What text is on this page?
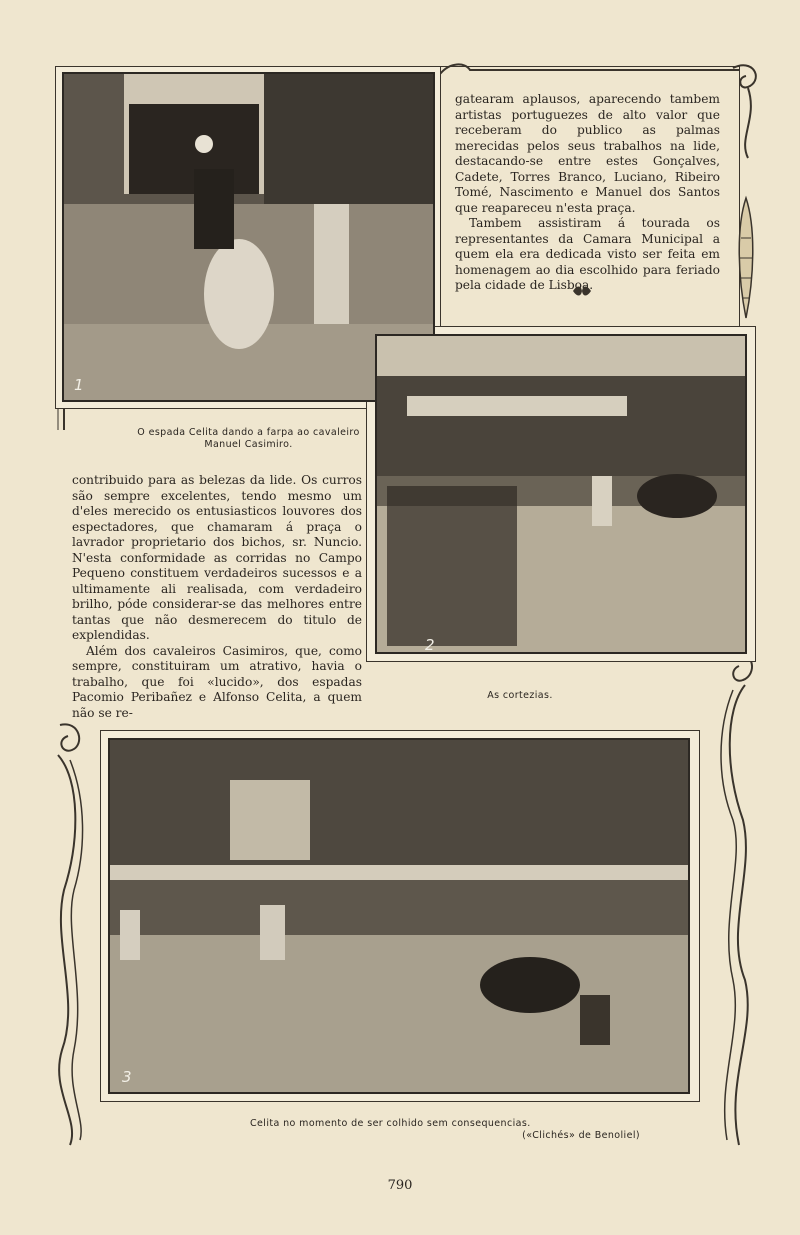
1

gatearam aplausos, aparecendo tambem artistas portuguezes de alto valor que receberam do publico as palmas merecidas pelos seus trabalhos na lide, destacando-se entre estes Gonçalves, Cadete, Torres Branco, Luciano, Ribeiro Tomé, Nascimento e Manuel dos Santos que reapareceu n'esta praça.

Tambem assistiram á tourada os representantes da Camara Municipal a quem ela era dedicada visto ser feita em homenagem ao dia escolhido para feriado pela cidade de Lisboa.

O espada Celita dando a farpa ao cavaleiro
Manuel Casimiro.
2

contribuido para as belezas da lide. Os curros são sempre excelentes, tendo mesmo um d'eles merecido os entusiasticos louvores dos espectadores, que chamaram á praça o lavrador proprietario dos bichos, sr. Nuncio. N'esta conformidade as corridas no Campo Pequeno constituem verdadeiros sucessos e a ultimamente ali realisada, com verdadeiro brilho, póde considerar-se das melhores entre tantas que não desmerecem do titulo de explendidas.

Além dos cavaleiros Casimiros, que, como sempre, constituiram um atrativo, havia o trabalho, que foi «lucido», dos espadas Pacomio Peribañez e Alfonso Celita, a quem não se re-

As cortezias.
3
Celita no momento de ser colhido sem consequencias.
(«Clichés» de Benoliel)
790
